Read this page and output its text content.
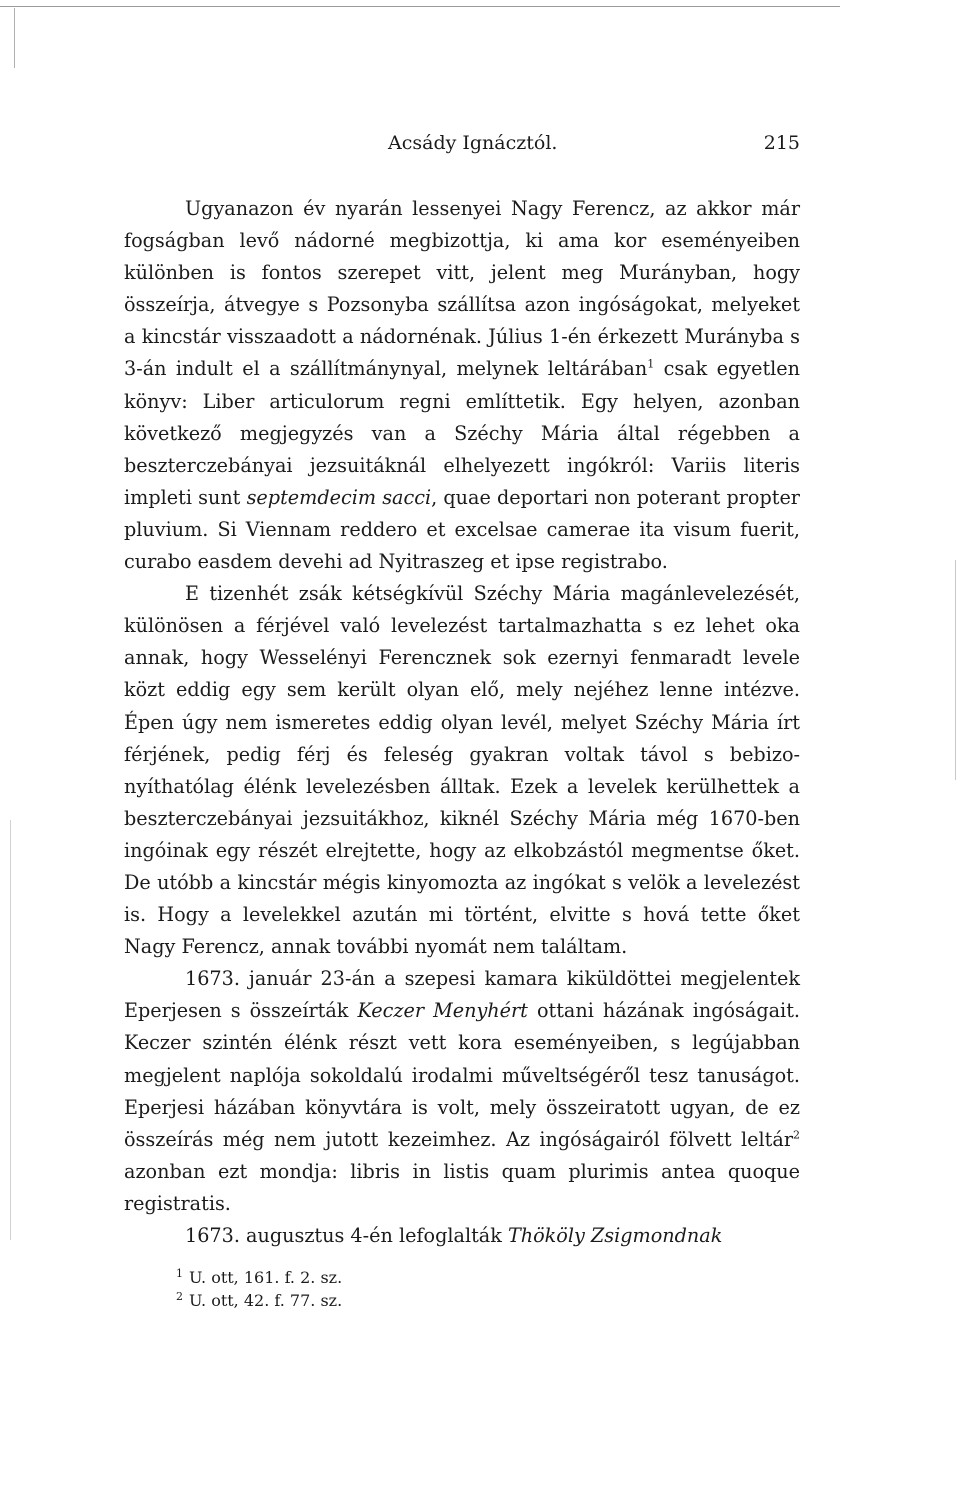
Acsády Ignácztól.	215

Ugyanazon év nyarán lessenyei Nagy Ferencz, az akkor már fogságban levő nádorné megbizottja, ki ama kor eseményeiben különben is fontos szerepet vitt, jelent meg Murányban, hogy összeírja, átvegye s Pozsonyba szállítsa azon ingóságokat, melyeket a kincstár visszaadott a nádornénak. Július 1-én érkezett Murányba s 3-án indult el a szállítmánynyal, melynek leltárában$^1$ csak egyetlen könyv: Liber articulorum regni említtetik. Egy helyen, azonban következő megjegyzés van a Széchy Mária által régebben a beszterczebányai jezsuitáknál elhelyezett ingókról: Variis literis impleti sunt septemdecim sacci, quae deportari non poterant propter pluvium. Si Viennam reddero et excelsae camerae ita visum fuerit, curabo easdem devehi ad Nyitraszeg et ipse registrabo.

E tizenhét zsák kétségkívül Széchy Mária magánlevelezését, különösen a férjével való levelezést tartalmazhatta s ez lehet oka annak, hogy Wesselényi Ferencznek sok ezernyi fenmaradt levele közt eddig egy sem került olyan elő, mely nejéhez lenne intézve. Épen úgy nem ismeretes eddig olyan levél, melyet Széchy Mária írt férjének, pedig férj és feleség gyakran voltak távol s bebizonyíthatólag élénk levelezésben álltak. Ezek a levelek kerülhettek a beszterczebányai jezsuitákhoz, kiknél Széchy Mária még 1670-ben ingóinak egy részét elrejtette, hogy az elkobzástól megmentse őket. De utóbb a kincstár mégis kinyomozta az ingókat s velök a levelezést is. Hogy a levelekkel azután mi történt, elvitte s hová tette őket Nagy Ferencz, annak további nyomát nem találtam.

1673. január 23-án a szepesi kamara kiküldöttei megjelentek Eperjesen s összeírták Keczer Menyhért ottani házának ingóságait. Keczer szintén élénk részt vett kora eseményeiben, s legújabban megjelent naplója sokoldalú irodalmi műveltségéről tesz tanuságot. Eperjesi házában könyvtára is volt, mely összeiratott ugyan, de ez összeírás még nem jutott kezeimhez. Az ingóságairól fölvett leltár$^2$ azonban ezt mondja: libris in listis quam plurimis antea quoque registratis.

1673. augusztus 4-én lefoglalták Thököly Zsigmondnak

$^1$ U. ott, 161. f. 2. sz.
$^2$ U. ott, 42. f. 77. sz.
